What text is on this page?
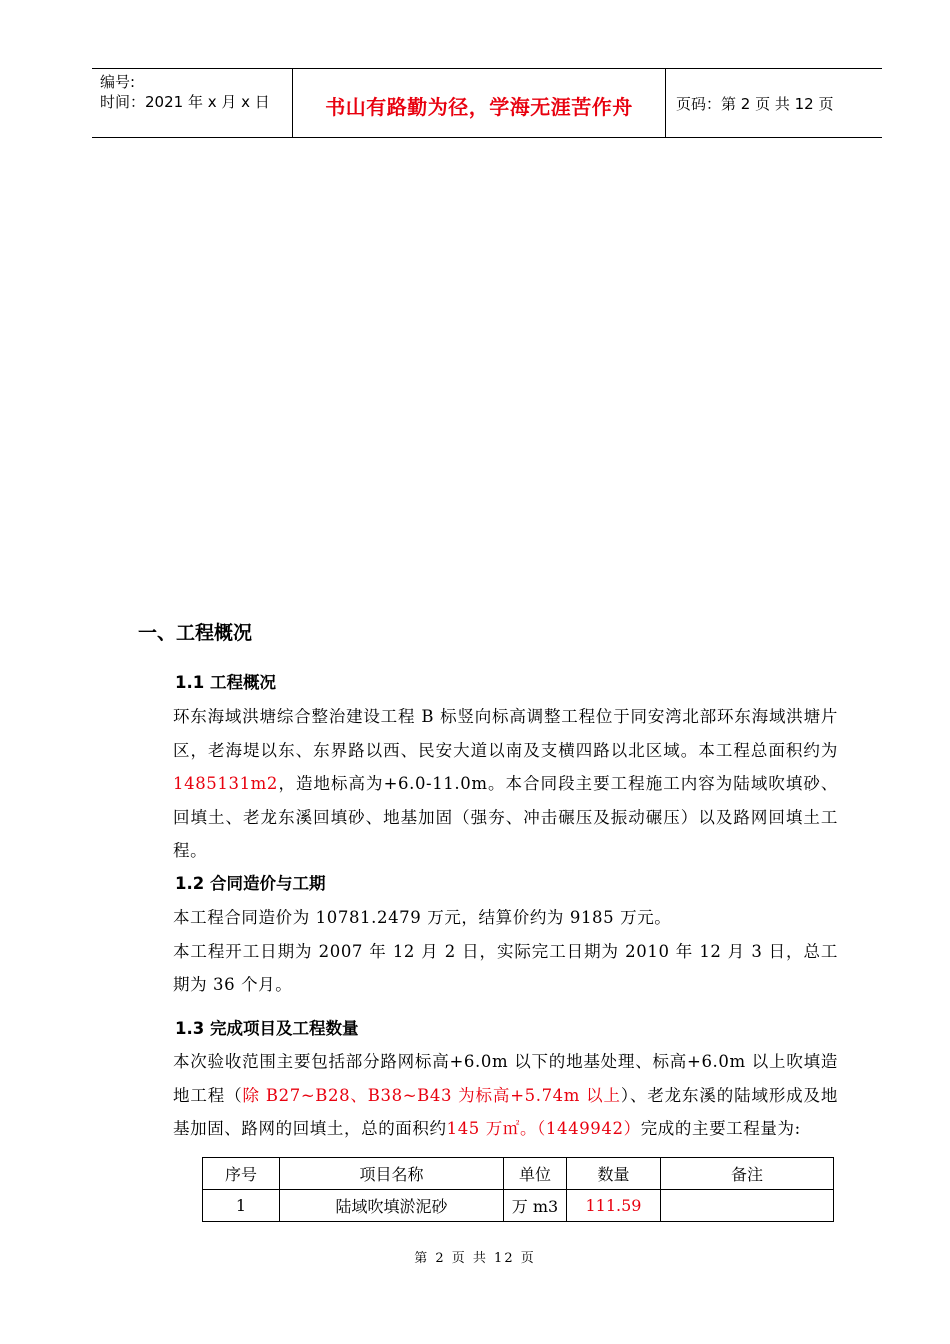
编号:
时间：2021 年 x 月 x 日	书山有路勤为径，学海无涯苦作舟	页码：第 2 页 共 12 页
一、工程概况
1.1 工程概况
环东海域洪塘综合整治建设工程 B 标竖向标高调整工程位于同安湾北部环东海域洪塘片区，老海堤以东、东界路以西、民安大道以南及支横四路以北区域。本工程总面积约为1485131m2，造地标高为+6.0-11.0m。本合同段主要工程施工内容为陆域吹填砂、回填土、老龙东溪回填砂、地基加固（强夯、冲击碾压及振动碾压）以及路网回填土工程。
1.2 合同造价与工期
本工程合同造价为 10781.2479 万元，结算价约为 9185 万元。
本工程开工日期为 2007 年 12 月 2 日，实际完工日期为 2010 年 12 月 3 日，总工期为 36 个月。
1.3 完成项目及工程数量
本次验收范围主要包括部分路网标高+6.0m 以下的地基处理、标高+6.0m 以上吹填造地工程（除 B27~B28、B38~B43 为标高+5.74m 以上）、老龙东溪的陆域形成及地基加固、路网的回填土，总的面积约145 万㎡。（1449942）完成的主要工程量为:
序号	项目名称	单位	数量	备注
1	陆域吹填淤泥砂	万 m3	111.59	
第 2 页 共 12 页
